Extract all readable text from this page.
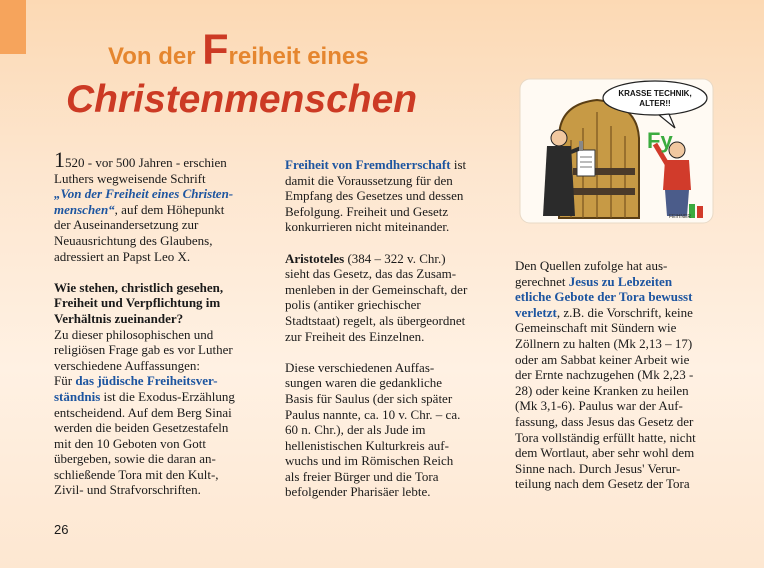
Von der Freiheit eines
Christenmenschen

1520 - vor 500 Jahren - erschien

Luthers wegweisende Schrift

„Von der Freiheit eines Christen-

menschen“, auf dem Höhepunkt

der Auseinandersetzung zur

Neuausrichtung des Glaubens,

adressiert an Papst Leo X.

Wie stehen, christlich gesehen,

Freiheit und Verpflichtung im

Verhältnis zueinander?

Zu dieser philosophischen und

religiösen Frage gab es vor Luther

verschiedene Auffassungen:

Für das jüdische Freiheitsver-

ständnis ist die Exodus-Erzählung

entscheidend. Auf dem Berg Sinai

werden die beiden Gesetzestafeln

mit den 10 Geboten von Gott

übergeben, sowie die daran an-

schließende Tora mit den Kult-,

Zivil- und Strafvorschriften.

Freiheit von Fremdherrschaft ist

damit die Voraussetzung für den

Empfang des Gesetzes und dessen

Befolgung. Freiheit und Gesetz

konkurrieren nicht miteinander.

Aristoteles (384 – 322 v. Chr.)

sieht das Gesetz, das das Zusam-

menleben in der Gemeinschaft, der

polis (antiker griechischer

Stadtstaat) regelt, als übergeordnet

zur Freiheit des Einzelnen.

Diese verschiedenen Auffas-

sungen waren die gedankliche

Basis für Saulus (der sich später

Paulus nannte, ca. 10 v. Chr. – ca.

60 n. Chr.), der als Jude im

hellenistischen Kulturkreis auf-

wuchs und im Römischen Reich

als freier Bürger und die Tora

befolgender Pharisäer lebte.

Den Quellen zufolge hat aus-

gerechnet Jesus zu Lebzeiten

etliche Gebote der Tora bewusst

verletzt, z.B. die Vorschrift, keine

Gemeinschaft mit Sündern wie

Zöllnern zu halten (Mk 2,13 – 17)

oder am Sabbat keiner Arbeit wie

der Ernte nachzugehen (Mk 2,23 -

28) oder keine Kranken zu heilen

(Mk 3,1-6). Paulus war der Auf-

fassung, dass Jesus das Gesetz der

Tora vollständig erfüllt hatte, nicht

dem Wortlaut, aber sehr wohl dem

Sinne nach. Durch Jesus' Verur-

teilung nach dem Gesetz der Tora

Fy
KRASSE TECHNIK,
ALTER!!
FEIHNER
26
